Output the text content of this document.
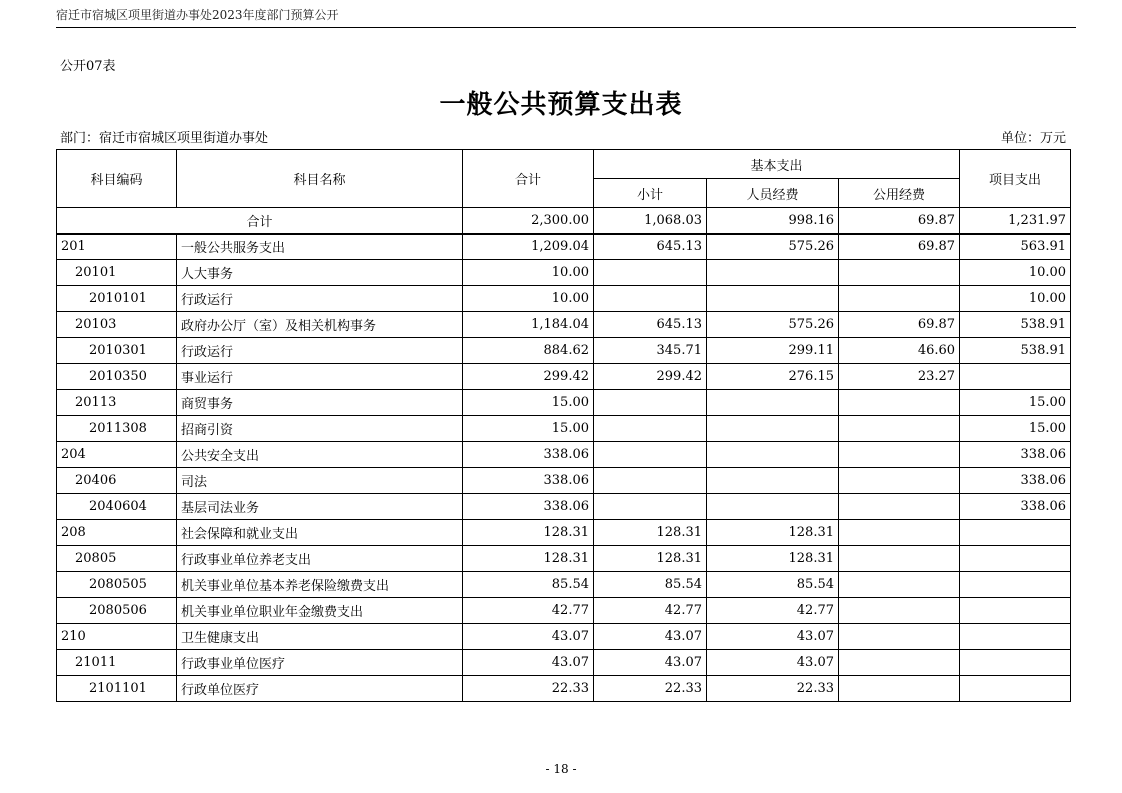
宿迁市宿城区项里街道办事处2023年度部门预算公开
公开07表
一般公共预算支出表
部门：宿迁市宿城区项里街道办事处	单位：万元
科目编码	科目名称	合计	基本支出			项目支出
			小计	人员经费	公用经费	
合计		2,300.00	1,068.03	998.16	69.87	1,231.97
201	一般公共服务支出	1,209.04	645.13	575.26	69.87	563.91
20101	人大事务	10.00				10.00
2010101	行政运行	10.00				10.00
20103	政府办公厅（室）及相关机构事务	1,184.04	645.13	575.26	69.87	538.91
2010301	行政运行	884.62	345.71	299.11	46.60	538.91
2010350	事业运行	299.42	299.42	276.15	23.27	
20113	商贸事务	15.00				15.00
2011308	招商引资	15.00				15.00
204	公共安全支出	338.06				338.06
20406	司法	338.06				338.06
2040604	基层司法业务	338.06				338.06
208	社会保障和就业支出	128.31	128.31	128.31		
20805	行政事业单位养老支出	128.31	128.31	128.31		
2080505	机关事业单位基本养老保险缴费支出	85.54	85.54	85.54		
2080506	机关事业单位职业年金缴费支出	42.77	42.77	42.77		
210	卫生健康支出	43.07	43.07	43.07		
21011	行政事业单位医疗	43.07	43.07	43.07		
2101101	行政单位医疗	22.33	22.33	22.33		
- 18 -
